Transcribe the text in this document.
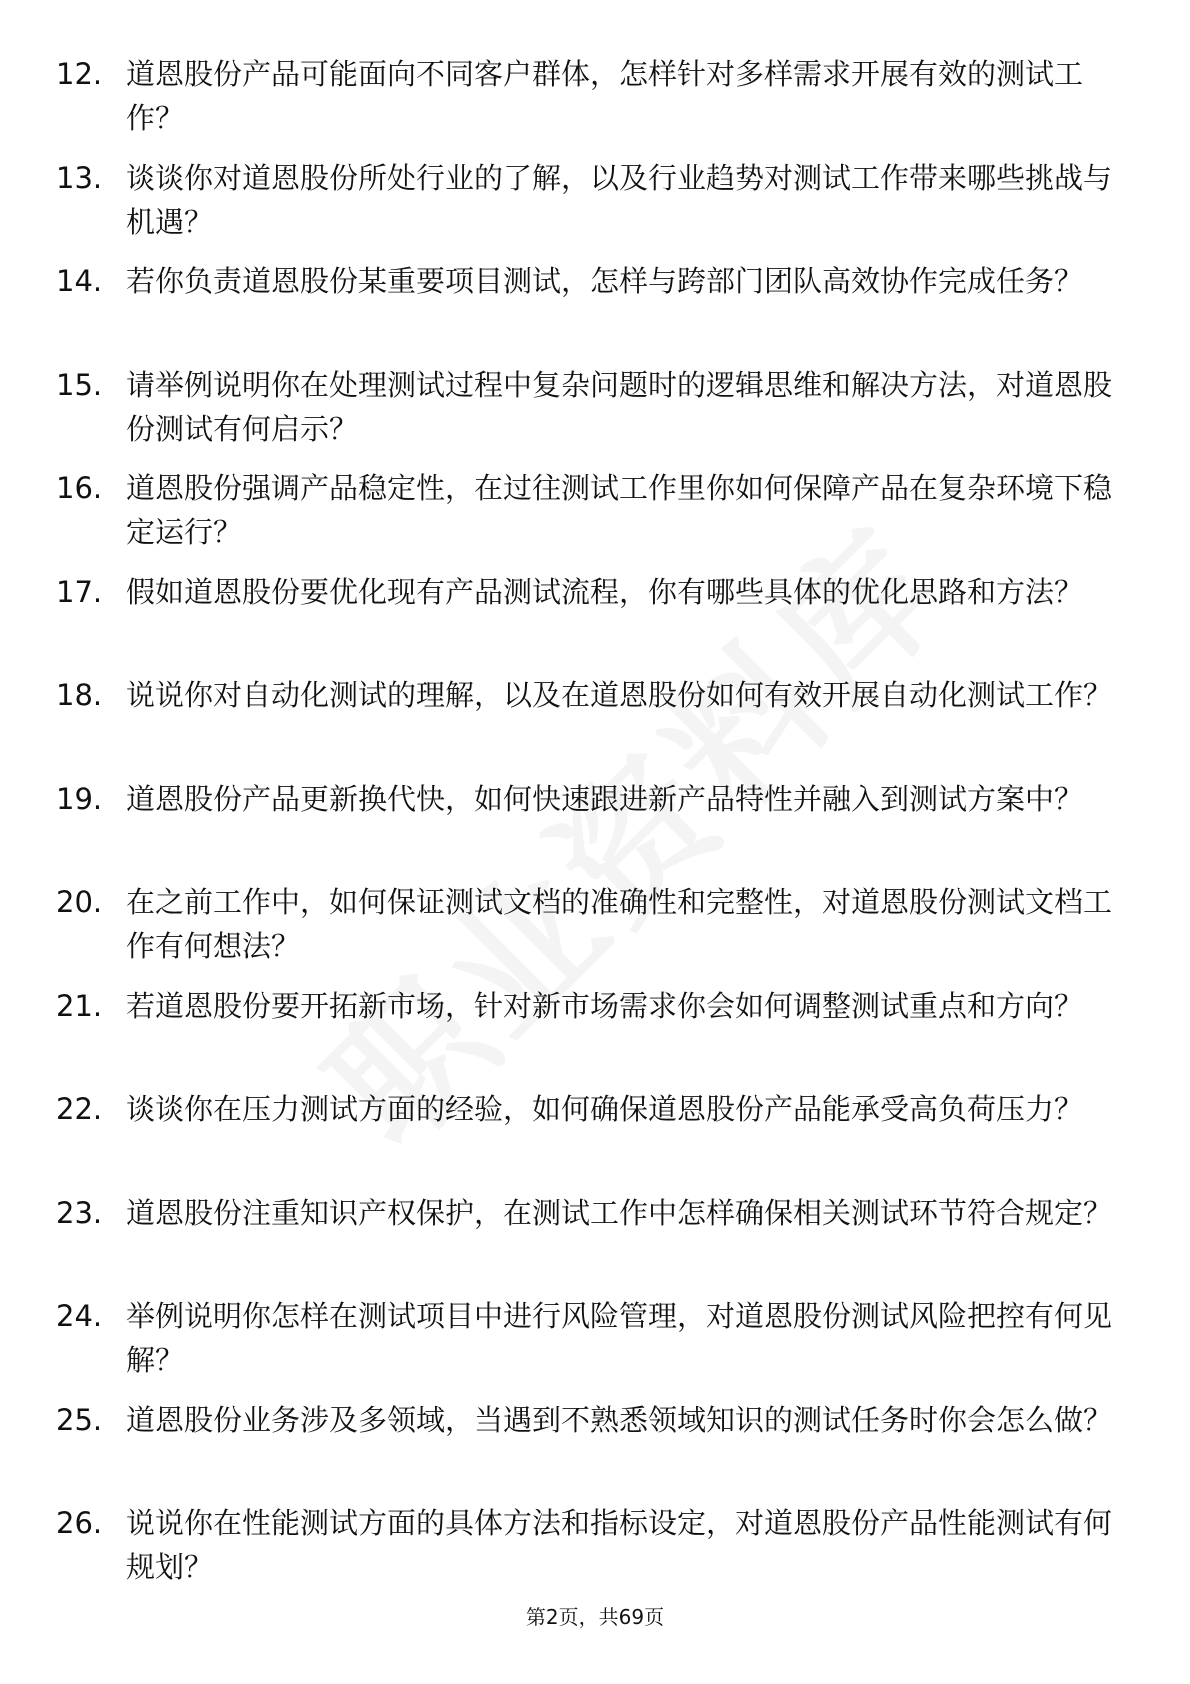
12. 道恩股份产品可能面向不同客户群体，怎样针对多样需求开展有效的测试工作？
13. 谈谈你对道恩股份所处行业的了解，以及行业趋势对测试工作带来哪些挑战与机遇？
14. 若你负责道恩股份某重要项目测试，怎样与跨部门团队高效协作完成任务？
15. 请举例说明你在处理测试过程中复杂问题时的逻辑思维和解决方法，对道恩股份测试有何启示？
16. 道恩股份强调产品稳定性，在过往测试工作里你如何保障产品在复杂环境下稳定运行？
17. 假如道恩股份要优化现有产品测试流程，你有哪些具体的优化思路和方法？
18. 说说你对自动化测试的理解，以及在道恩股份如何有效开展自动化测试工作？
19. 道恩股份产品更新换代快，如何快速跟进新产品特性并融入到测试方案中？
20. 在之前工作中，如何保证测试文档的准确性和完整性，对道恩股份测试文档工作有何想法？
21. 若道恩股份要开拓新市场，针对新市场需求你会如何调整测试重点和方向？
22. 谈谈你在压力测试方面的经验，如何确保道恩股份产品能承受高负荷压力？
23. 道恩股份注重知识产权保护，在测试工作中怎样确保相关测试环节符合规定？
24. 举例说明你怎样在测试项目中进行风险管理，对道恩股份测试风险把控有何见解？
25. 道恩股份业务涉及多领域，当遇到不熟悉领域知识的测试任务时你会怎么做？
26. 说说你在性能测试方面的具体方法和指标设定，对道恩股份产品性能测试有何规划？
第2页，共69页
